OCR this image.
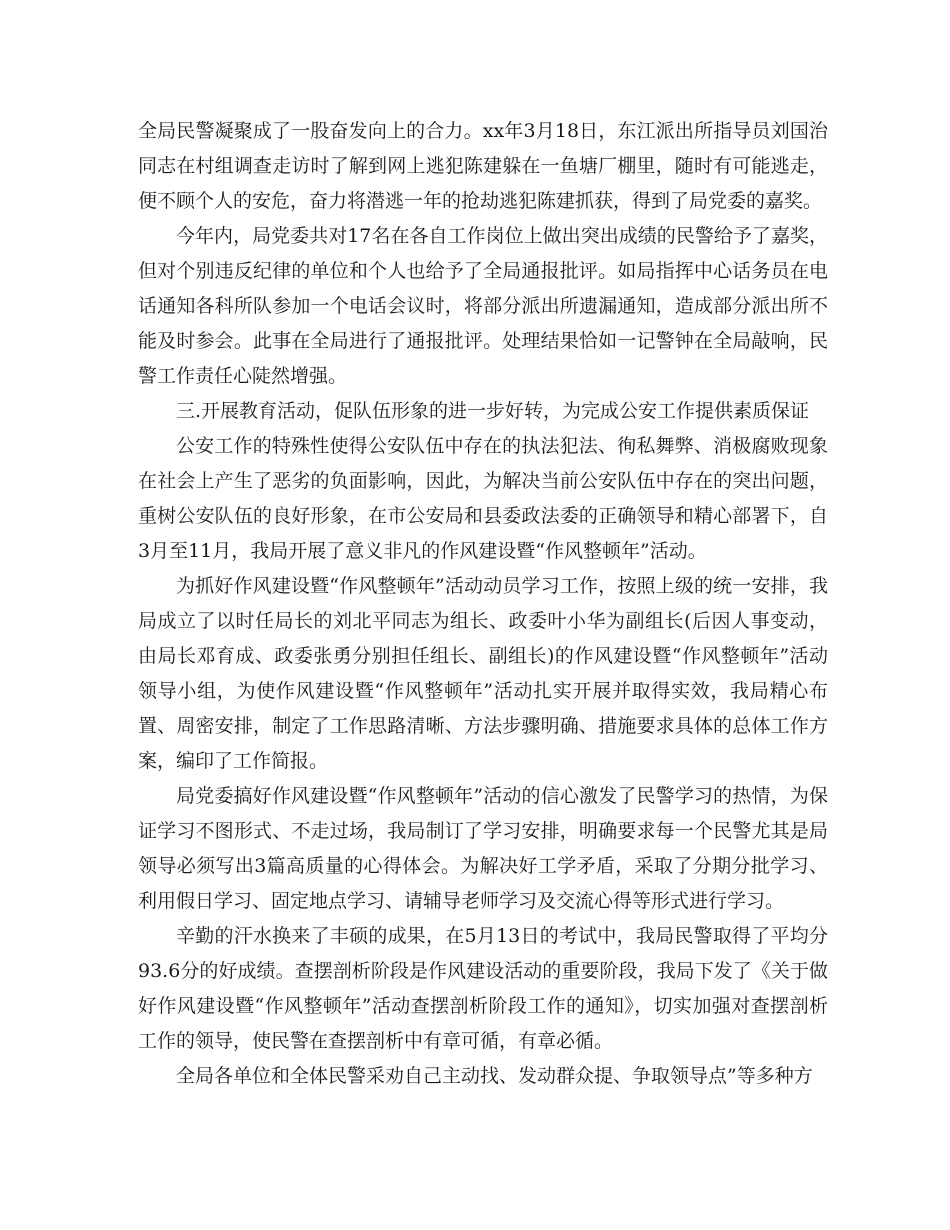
全局民警凝聚成了一股奋发向上的合力。xx年3月18日，东江派出所指导员刘国治同志在村组调查走访时了解到网上逃犯陈建躲在一鱼塘厂棚里，随时有可能逃走，便不顾个人的安危，奋力将潜逃一年的抢劫逃犯陈建抓获，得到了局党委的嘉奖。

今年内，局党委共对17名在各自工作岗位上做出突出成绩的民警给予了嘉奖，但对个别违反纪律的单位和个人也给予了全局通报批评。如局指挥中心话务员在电话通知各科所队参加一个电话会议时，将部分派出所遗漏通知，造成部分派出所不能及时参会。此事在全局进行了通报批评。处理结果恰如一记警钟在全局敲响，民警工作责任心陡然增强。

三.开展教育活动，促队伍形象的进一步好转，为完成公安工作提供素质保证

公安工作的特殊性使得公安队伍中存在的执法犯法、徇私舞弊、消极腐败现象在社会上产生了恶劣的负面影响，因此，为解决当前公安队伍中存在的突出问题，重树公安队伍的良好形象，在市公安局和县委政法委的正确领导和精心部署下，自3月至11月，我局开展了意义非凡的作风建设暨“作风整顿年”活动。

为抓好作风建设暨“作风整顿年”活动动员学习工作，按照上级的统一安排，我局成立了以时任局长的刘北平同志为组长、政委叶小华为副组长(后因人事变动，由局长邓育成、政委张勇分别担任组长、副组长)的作风建设暨“作风整顿年”活动领导小组，为使作风建设暨“作风整顿年”活动扎实开展并取得实效，我局精心布置、周密安排，制定了工作思路清晰、方法步骤明确、措施要求具体的总体工作方案，编印了工作简报。

局党委搞好作风建设暨“作风整顿年”活动的信心激发了民警学习的热情，为保证学习不图形式、不走过场，我局制订了学习安排，明确要求每一个民警尤其是局领导必须写出3篇高质量的心得体会。为解决好工学矛盾，采取了分期分批学习、利用假日学习、固定地点学习、请辅导老师学习及交流心得等形式进行学习。

辛勤的汗水换来了丰硕的成果，在5月13日的考试中，我局民警取得了平均分93.6分的好成绩。查摆剖析阶段是作风建设活动的重要阶段，我局下发了《关于做好作风建设暨“作风整顿年”活动查摆剖析阶段工作的通知》，切实加强对查摆剖析工作的领导，使民警在查摆剖析中有章可循，有章必循。

全局各单位和全体民警采劝自己主动找、发动群众提、争取领导点”等多种方
